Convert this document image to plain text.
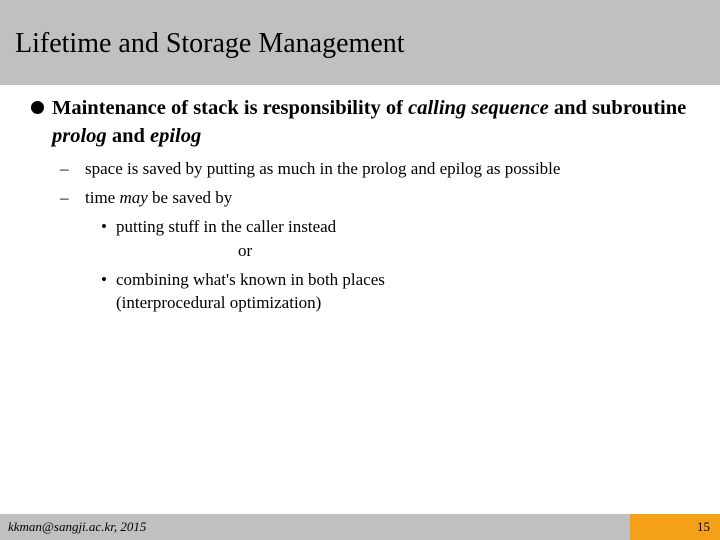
Lifetime and Storage Management
Maintenance of stack is responsibility of calling sequence and subroutine prolog and epilog
– space is saved by putting as much in the prolog and epilog as possible
– time may be saved by
• putting stuff in the caller instead
or
• combining what's known in both places
(interprocedural optimization)
kkman@sangji.ac.kr, 2015	15
